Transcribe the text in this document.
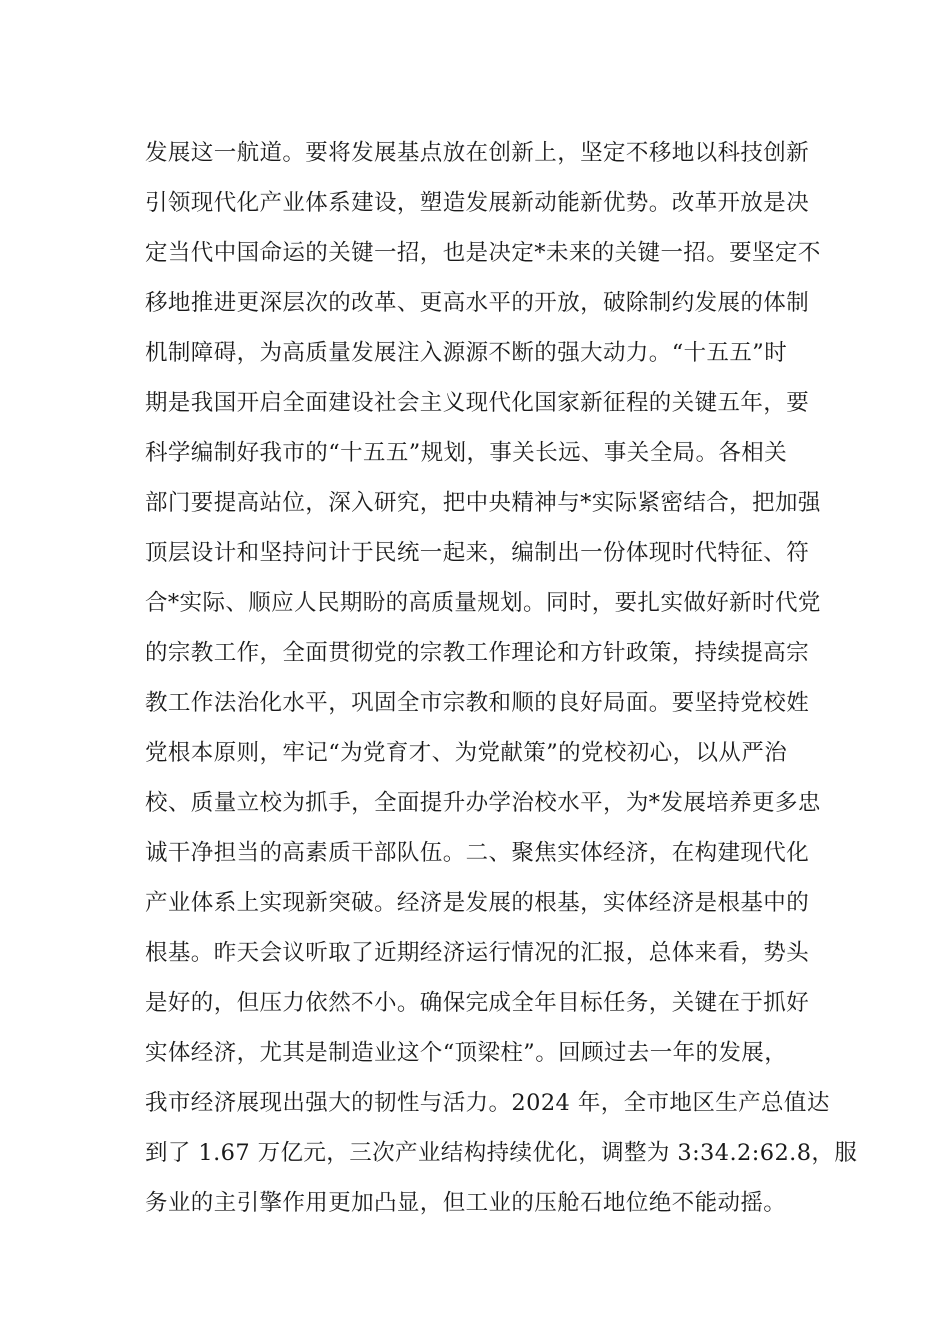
发展这一航道。要将发展基点放在创新上，坚定不移地以科技创新
引领现代化产业体系建设，塑造发展新动能新优势。改革开放是决
定当代中国命运的关键一招，也是决定*未来的关键一招。要坚定不
移地推进更深层次的改革、更高水平的开放，破除制约发展的体制
机制障碍，为高质量发展注入源源不断的强大动力。“十五五”时
期是我国开启全面建设社会主义现代化国家新征程的关键五年，要
科学编制好我市的“十五五”规划，事关长远、事关全局。各相关
部门要提高站位，深入研究，把中央精神与*实际紧密结合，把加强
顶层设计和坚持问计于民统一起来，编制出一份体现时代特征、符
合*实际、顺应人民期盼的高质量规划。同时，要扎实做好新时代党
的宗教工作，全面贯彻党的宗教工作理论和方针政策，持续提高宗
教工作法治化水平，巩固全市宗教和顺的良好局面。要坚持党校姓
党根本原则，牢记“为党育才、为党献策”的党校初心，以从严治
校、质量立校为抓手，全面提升办学治校水平，为*发展培养更多忠
诚干净担当的高素质干部队伍。二、聚焦实体经济，在构建现代化
产业体系上实现新突破。经济是发展的根基，实体经济是根基中的
根基。昨天会议听取了近期经济运行情况的汇报，总体来看，势头
是好的，但压力依然不小。确保完成全年目标任务，关键在于抓好
实体经济，尤其是制造业这个“顶梁柱”。回顾过去一年的发展，
我市经济展现出强大的韧性与活力。2024 年，全市地区生产总值达
到了 1.67 万亿元，三次产业结构持续优化，调整为 3:34.2:62.8，服
务业的主引擎作用更加凸显，但工业的压舱石地位绝不能动摇。
